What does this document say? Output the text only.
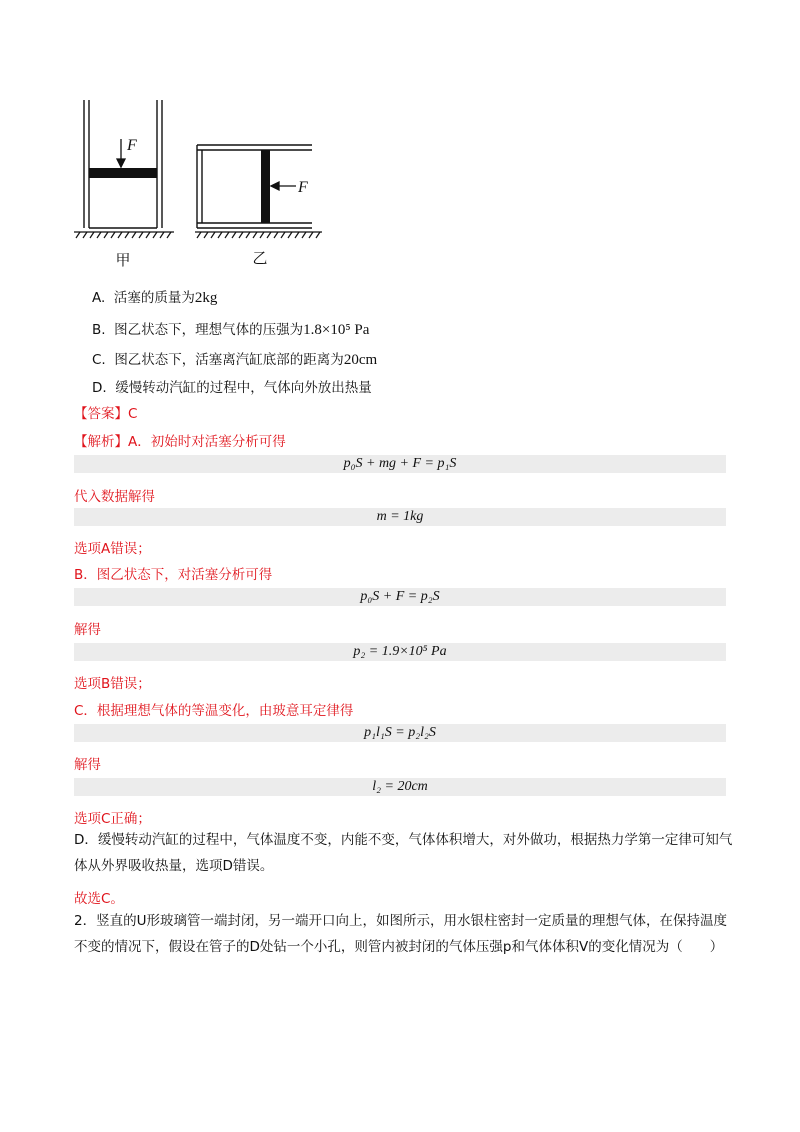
F
甲
F
乙
A. 活塞的质量为2kg
B. 图乙状态下，理想气体的压强为1.8×10⁵ Pa
C. 图乙状态下，活塞离汽缸底部的距离为20cm
D. 缓慢转动汽缸的过程中，气体向外放出热量
【答案】C
【解析】A．初始时对活塞分析可得
p₀S + mg + F = p₁S
代入数据解得
m = 1kg
选项A错误；
B．图乙状态下，对活塞分析可得
p₀S + F = p₂S
解得
p₂ = 1.9×10⁵ Pa
选项B错误；
C．根据理想气体的等温变化，由玻意耳定律得
p₁l₁S = p₂l₂S
解得
l₂ = 20cm
选项C正确；
D．缓慢转动汽缸的过程中，气体温度不变，内能不变，气体体积增大，对外做功，根据热力学第一定律可知气体从外界吸收热量，选项D错误。
故选C。
2．竖直的U形玻璃管一端封闭，另一端开口向上，如图所示，用水银柱密封一定质量的理想气体，在保持温度不变的情况下，假设在管子的D处钻一个小孔，则管内被封闭的气体压强p和气体体积V的变化情况为（　　）
